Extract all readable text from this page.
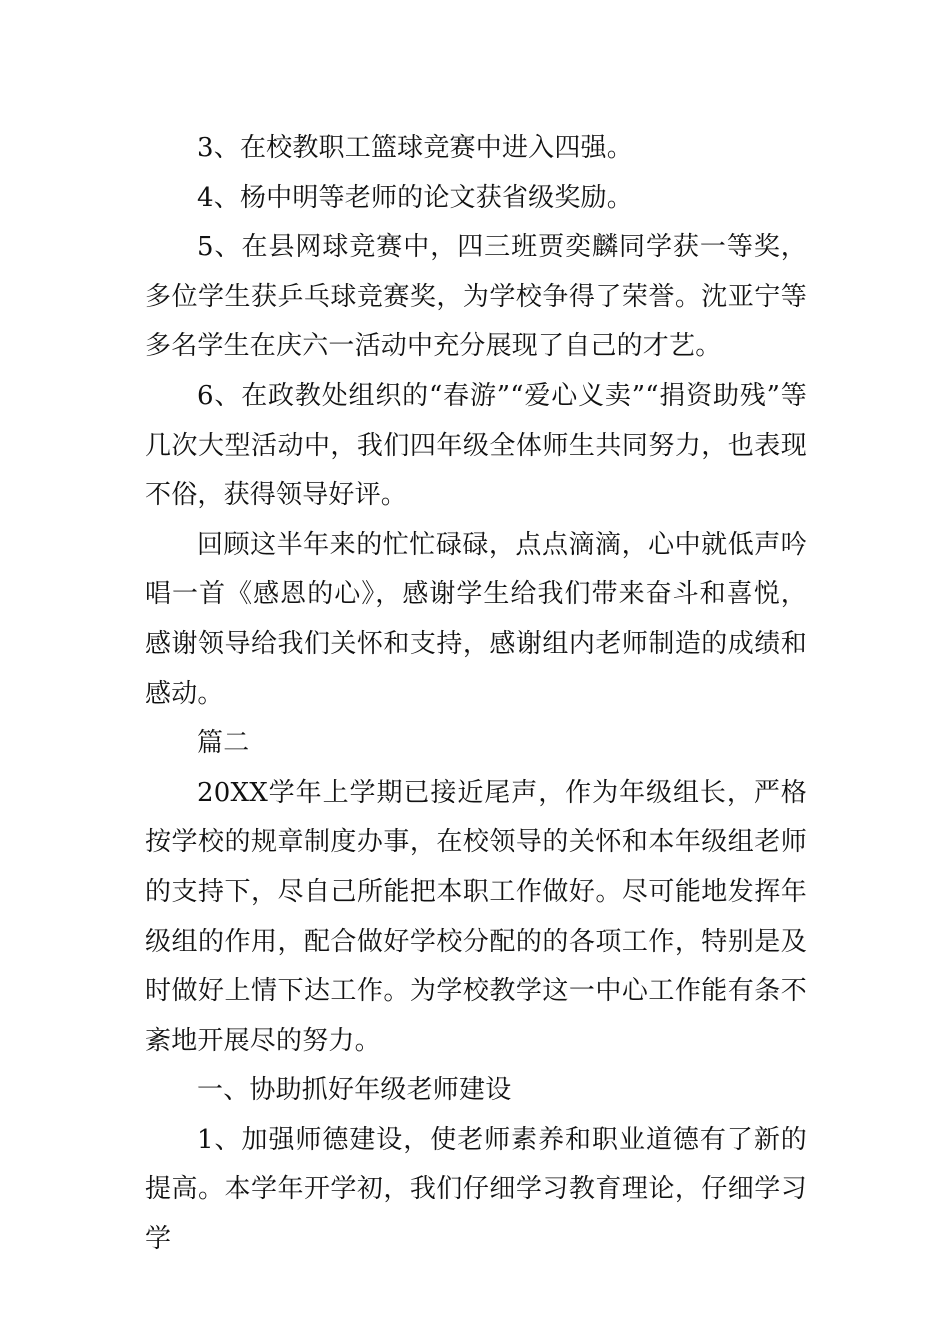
3、在校教职工篮球竞赛中进入四强。

4、杨中明等老师的论文获省级奖励。

5、在县网球竞赛中，四三班贾奕麟同学获一等奖，多位学生获乒乓球竞赛奖，为学校争得了荣誉。沈亚宁等多名学生在庆六一活动中充分展现了自己的才艺。

6、在政教处组织的“春游”“爱心义卖”“捐资助残”等几次大型活动中，我们四年级全体师生共同努力，也表现不俗，获得领导好评。

回顾这半年来的忙忙碌碌，点点滴滴，心中就低声吟唱一首《感恩的心》，感谢学生给我们带来奋斗和喜悦，感谢领导给我们关怀和支持，感谢组内老师制造的成绩和感动。

篇二

20XX学年上学期已接近尾声，作为年级组长，严格按学校的规章制度办事，在校领导的关怀和本年级组老师的支持下，尽自己所能把本职工作做好。尽可能地发挥年级组的作用，配合做好学校分配的的各项工作，特别是及时做好上情下达工作。为学校教学这一中心工作能有条不紊地开展尽的努力。

一、协助抓好年级老师建设

1、加强师德建设，使老师素养和职业道德有了新的提高。本学年开学初，我们仔细学习教育理论，仔细学习学
